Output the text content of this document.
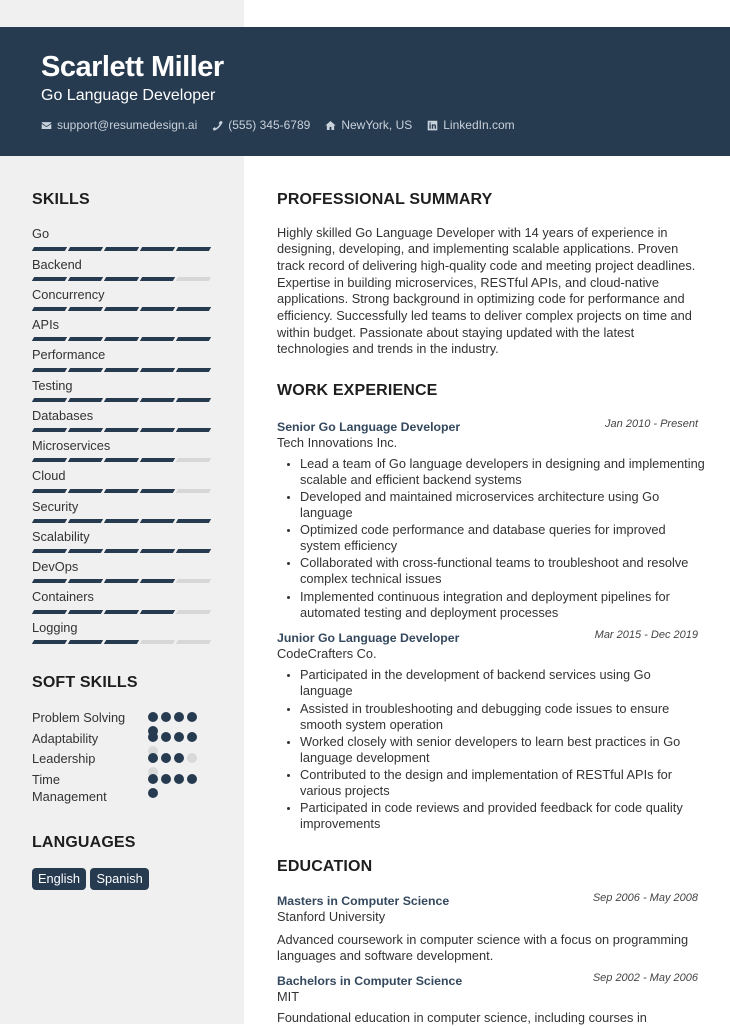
Scarlett Miller
Go Language Developer
support@resumedesign.ai	(555) 345-6789	NewYork, US	LinkedIn.com
SKILLS
Go
Backend
Concurrency
APIs
Performance
Testing
Databases
Microservices
Cloud
Security
Scalability
DevOps
Containers
Logging
SOFT SKILLS
Problem Solving
Adaptability
Leadership
Time Management
LANGUAGES
English	Spanish
PROFESSIONAL SUMMARY

Highly skilled Go Language Developer with 14 years of experience in designing, developing, and implementing scalable applications. Proven track record of delivering high-quality code and meeting project deadlines. Expertise in building microservices, RESTful APIs, and cloud-native applications. Strong background in optimizing code for performance and efficiency. Successfully led teams to deliver complex projects on time and within budget. Passionate about staying updated with the latest technologies and trends in the industry.

WORK EXPERIENCE
Senior Go Language Developer	Jan 2010 - Present
Tech Innovations Inc.
• Lead a team of Go language developers in designing and implementing scalable and efficient backend systems
• Developed and maintained microservices architecture using Go language
• Optimized code performance and database queries for improved system efficiency
• Collaborated with cross-functional teams to troubleshoot and resolve complex technical issues
• Implemented continuous integration and deployment pipelines for automated testing and deployment processes
Junior Go Language Developer	Mar 2015 - Dec 2019
CodeCrafters Co.
• Participated in the development of backend services using Go language
• Assisted in troubleshooting and debugging code issues to ensure smooth system operation
• Worked closely with senior developers to learn best practices in Go language development
• Contributed to the design and implementation of RESTful APIs for various projects
• Participated in code reviews and provided feedback for code quality improvements
EDUCATION
Masters in Computer Science	Sep 2006 - May 2008
Stanford University

Advanced coursework in computer science with a focus on programming languages and software development.

Bachelors in Computer Science	Sep 2002 - May 2006
MIT

Foundational education in computer science, including courses in
